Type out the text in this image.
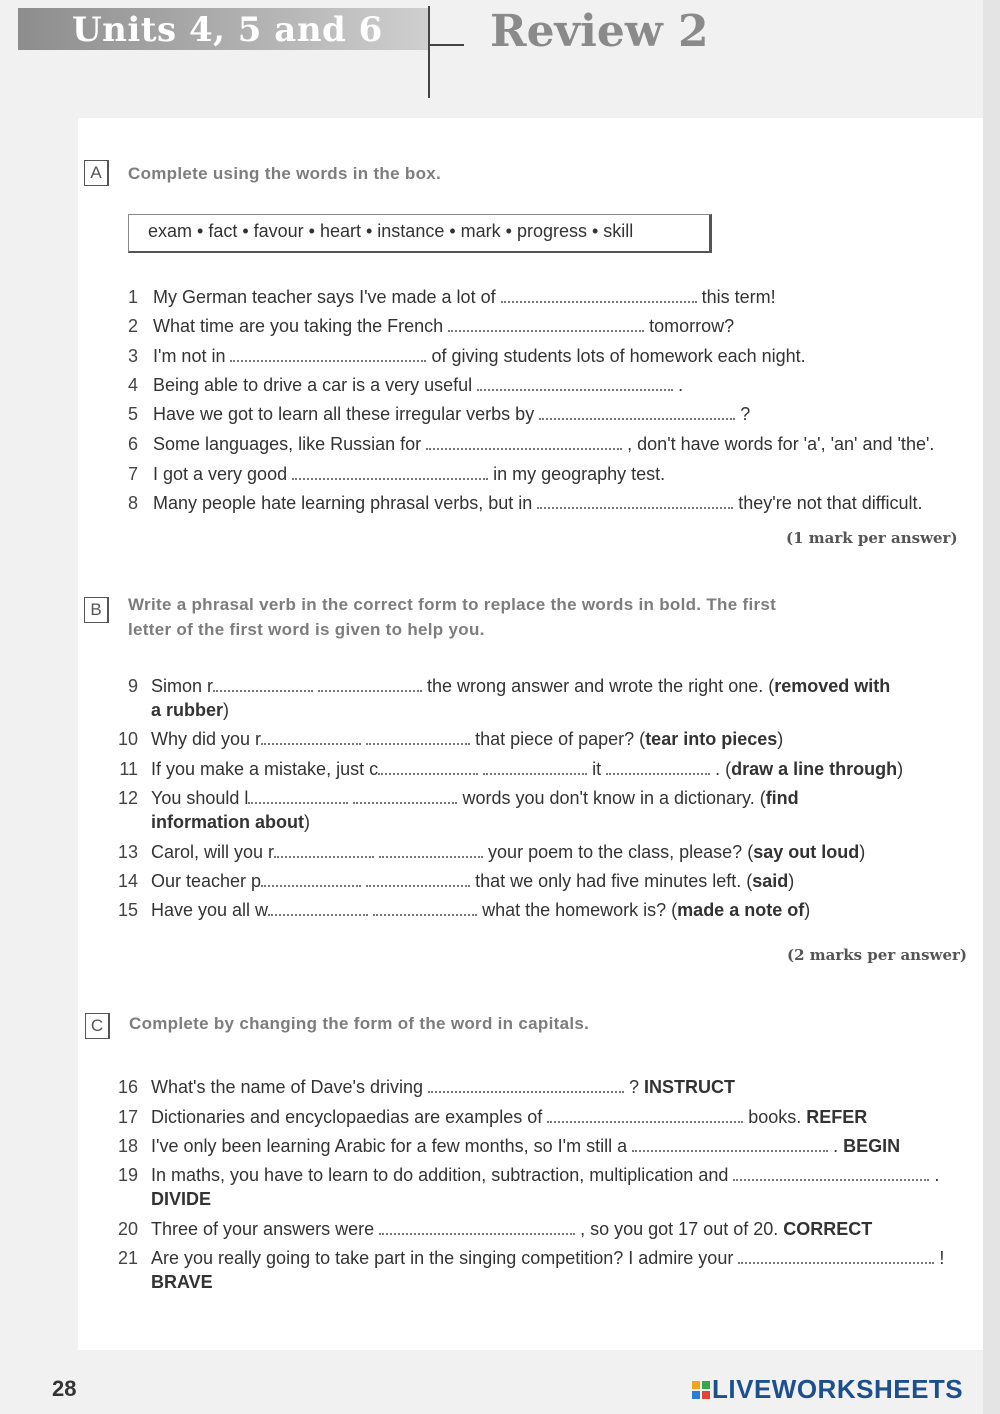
Units 4, 5 and 6 Review 2
A	Complete using the words in the box.
exam • fact • favour • heart • instance • mark • progress • skill
1 My German teacher says I've made a lot of	this term!
2 What time are you taking the French	tomorrow?
3 I'm not in	of giving students lots of homework each night.
4 Being able to drive a car is a very useful	.
5 Have we got to learn all these irregular verbs by	?
6 Some languages, like Russian for	, don't have words for 'a', 'an' and 'the'.
7 I got a very good	in my geography test.
8 Many people hate learning phrasal verbs, but in	they're not that difficult.
(1 mark per answer)
B	Write a phrasal verb in the correct form to replace the words in bold. The first
letter of the first word is given to help you.
9 Simon r	the wrong answer and wrote the right one. (removed with
a rubber)
10 Why did you r	that piece of paper? (tear into pieces)
11 If you make a mistake, just c	it	. (draw a line through)
12 You should l	words you don't know in a dictionary. (find
information about)
13 Carol, will you r	your poem to the class, please? (say out loud)
14 Our teacher p	that we only had five minutes left. (said)
15 Have you all w	what the homework is? (made a note of)
(2 marks per answer)
C	Complete by changing the form of the word in capitals.
16 What's the name of Dave's driving	? INSTRUCT
17 Dictionaries and encyclopaedias are examples of	books. REFER
18 I've only been learning Arabic for a few months, so I'm still a	. BEGIN
19 In maths, you have to learn to do addition, subtraction, multiplication and	.
DIVIDE
20 Three of your answers were	, so you got 17 out of 20. CORRECT
21 Are you really going to take part in the singing competition? I admire your	!
BRAVE
28	LIVEWORKSHEETS
